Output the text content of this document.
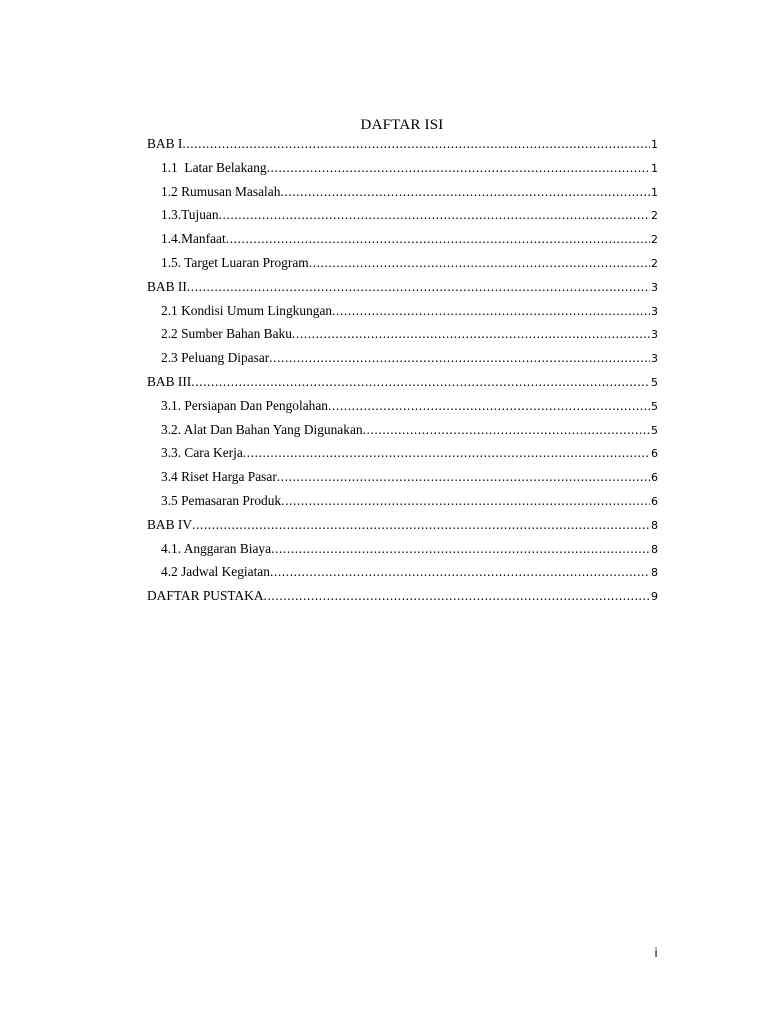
DAFTAR ISI
BAB I .....	1
1.1  Latar Belakang .....	1
1.2 Rumusan Masalah .....	1
1.3.Tujuan .....	2
1.4.Manfaat .....	2
1.5. Target Luaran Program .....	2
BAB II .....	3
2.1 Kondisi Umum Lingkungan .....	3
2.2 Sumber Bahan Baku .....	3
2.3 Peluang Dipasar .....	3
BAB III .....	5
3.1. Persiapan Dan Pengolahan .....	5
3.2. Alat Dan Bahan Yang Digunakan .....	5
3.3. Cara Kerja .....	6
3.4 Riset Harga Pasar .....	6
3.5 Pemasaran Produk .....	6
BAB IV .....	8
4.1. Anggaran Biaya .....	8
4.2 Jadwal Kegiatan .....	8
DAFTAR PUSTAKA .....	9
i
